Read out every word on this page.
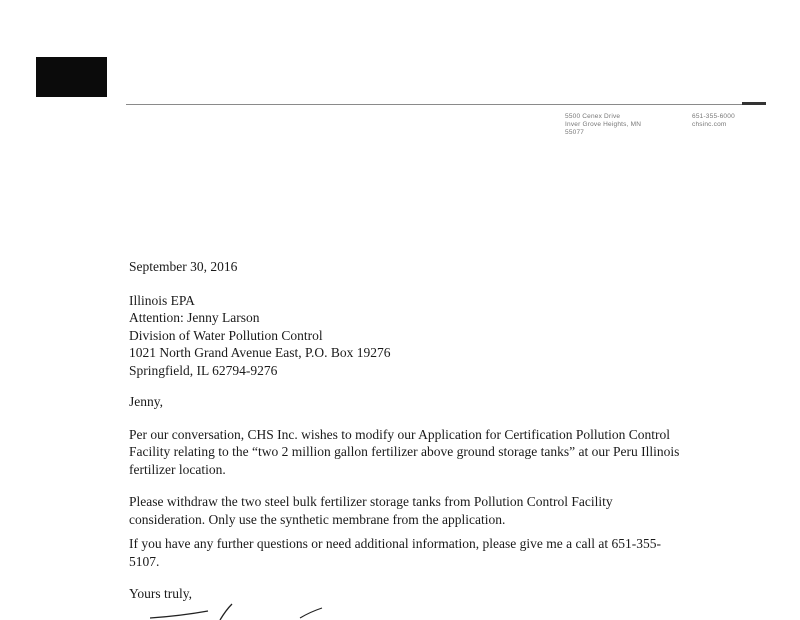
5500 Cenex Drive
Inver Grove Heights, MN
55077
651-355-6000
chsinc.com

September 30, 2016

Illinois EPA

Attention: Jenny Larson

Division of Water Pollution Control

1021 North Grand Avenue East, P.O. Box 19276

Springfield, IL 62794-9276

Jenny,

Per our conversation, CHS Inc. wishes to modify our Application for Certification Pollution Control Facility relating to the “two 2 million gallon fertilizer above ground storage tanks” at our Peru Illinois fertilizer location.

Please withdraw the two steel bulk fertilizer storage tanks from Pollution Control Facility consideration. Only use the synthetic membrane from the application.

If you have any further questions or need additional information, please give me a call at 651-355-5107.

Yours truly,
